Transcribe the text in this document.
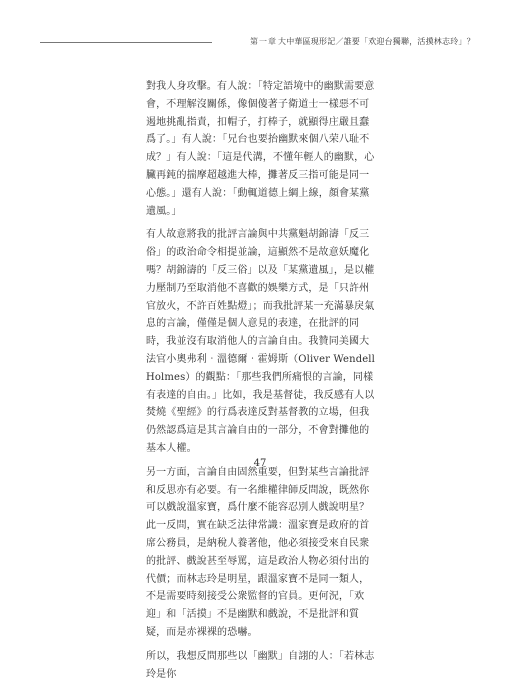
第一章 大中華區現形記／誰要「欢迎台獨聯，活摸林志玲」？

對我人身攻擊。有人說：「特定語境中的幽默需要意會，不理解沒關係，像個傻著子衛道士一樣惡不可遏地挑亂指責，扣帽子，打棒子，就顯得庄嚴且蠢爲了。」有人說：「兄台也要抬幽默來個八荣八耻不成？」有人說：「這是代溝，不懂年輕人的幽默，心臟再鈍的揣摩超越進大棒，攤著反三指可能是同一心態。」還有人說：「動輒道德上綱上線，顏會某黨遺風。」

有人故意將我的批評言論與中共黨魁胡錦濤「反三俗」的政治命令相提並論，這顯然不是故意妖魔化嗎？胡錦濤的「反三俗」以及「某黨遺風」，是以權力壓制乃至取消他不喜歡的娛樂方式，是「只許州官放火，不許百姓點燈」；而我批評某一充滿暴戾氣息的言論，僅僅是個人意見的表達，在批評的同時，我並沒有取消他人的言論自由。我贊同美國大法官小奧弗利‧溫德爾‧霍姆斯（Oliver Wendell Holmes）的觀點：「那些我們所痛恨的言論，同樣有表達的自由。」比如，我是基督徒，我反感有人以焚燒《聖經》的行爲表達反對基督教的立場，但我仍然認爲這是其言論自由的一部分，不會對攤他的基本人權。

另一方面，言論自由固然重要，但對某些言論批評和反思亦有必要。有一名維權律師反問說，既然你可以戲說溫家寶，爲什麼不能容忍別人戲說明星？此一反問，實在缺乏法律常識：溫家寶是政府的首席公務員，是納稅人養著他，他必須接受來自民衆的批評、戲說甚至辱罵，這是政治人物必須付出的代價；而林志玲是明星，跟溫家寶不是同一類人，不是需要時刻接受公衆監督的官員。更何況，「欢迎」和「活摸」不是幽默和戲說，不是批評和質疑，而是赤裸裸的恐嚇。

所以，我想反問那些以「幽默」自詡的人：「若林志玲是你

47
